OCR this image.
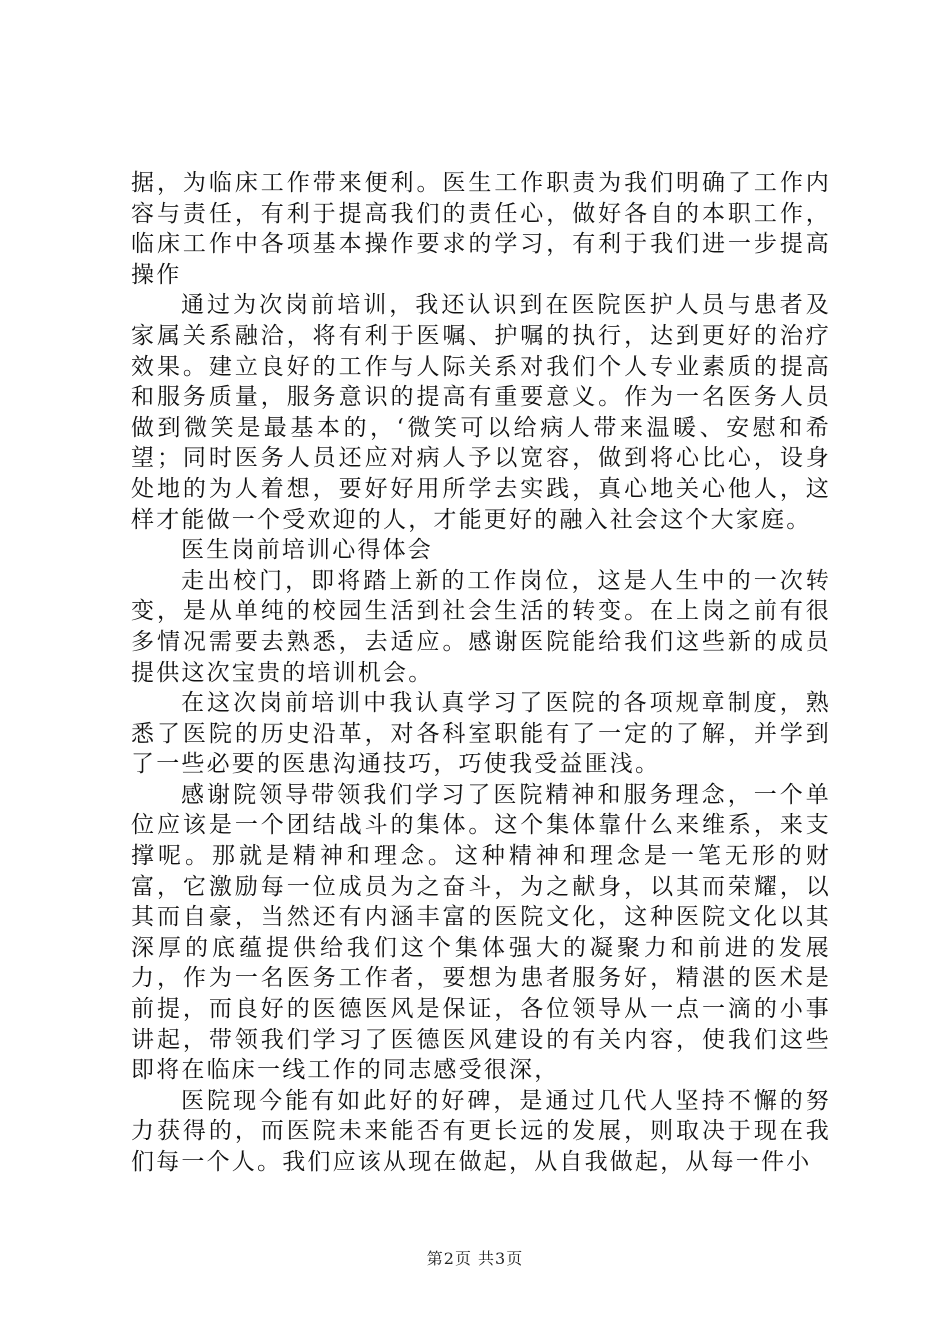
据，为临床工作带来便利。医生工作职责为我们明确了工作内容与责任，有利于提高我们的责任心，做好各自的本职工作，临床工作中各项基本操作要求的学习，有利于我们进一步提高操作

通过为次岗前培训，我还认识到在医院医护人员与患者及家属关系融洽，将有利于医嘱、护嘱的执行，达到更好的治疗效果。建立良好的工作与人际关系对我们个人专业素质的提高和服务质量，服务意识的提高有重要意义。作为一名医务人员做到微笑是最基本的，‘微笑可以给病人带来温暖、安慰和希望；同时医务人员还应对病人予以宽容，做到将心比心，设身处地的为人着想，要好好用所学去实践，真心地关心他人，这样才能做一个受欢迎的人，才能更好的融入社会这个大家庭。

医生岗前培训心得体会

走出校门，即将踏上新的工作岗位，这是人生中的一次转变，是从单纯的校园生活到社会生活的转变。在上岗之前有很多情况需要去熟悉，去适应。感谢医院能给我们这些新的成员提供这次宝贵的培训机会。

在这次岗前培训中我认真学习了医院的各项规章制度，熟悉了医院的历史沿革，对各科室职能有了一定的了解，并学到了一些必要的医患沟通技巧，巧使我受益匪浅。

感谢院领导带领我们学习了医院精神和服务理念，一个单位应该是一个团结战斗的集体。这个集体靠什么来维系，来支撑呢。那就是精神和理念。这种精神和理念是一笔无形的财富，它激励每一位成员为之奋斗，为之献身，以其而荣耀，以其而自豪，当然还有内涵丰富的医院文化，这种医院文化以其深厚的底蕴提供给我们这个集体强大的凝聚力和前进的发展力，作为一名医务工作者，要想为患者服务好，精湛的医术是前提，而良好的医德医风是保证，各位领导从一点一滴的小事讲起，带领我们学习了医德医风建设的有关内容，使我们这些即将在临床一线工作的同志感受很深，

医院现今能有如此好的好碑，是通过几代人坚持不懈的努力获得的，而医院未来能否有更长远的发展，则取决于现在我们每一个人。我们应该从现在做起，从自我做起，从每一件小

第2页 共3页
